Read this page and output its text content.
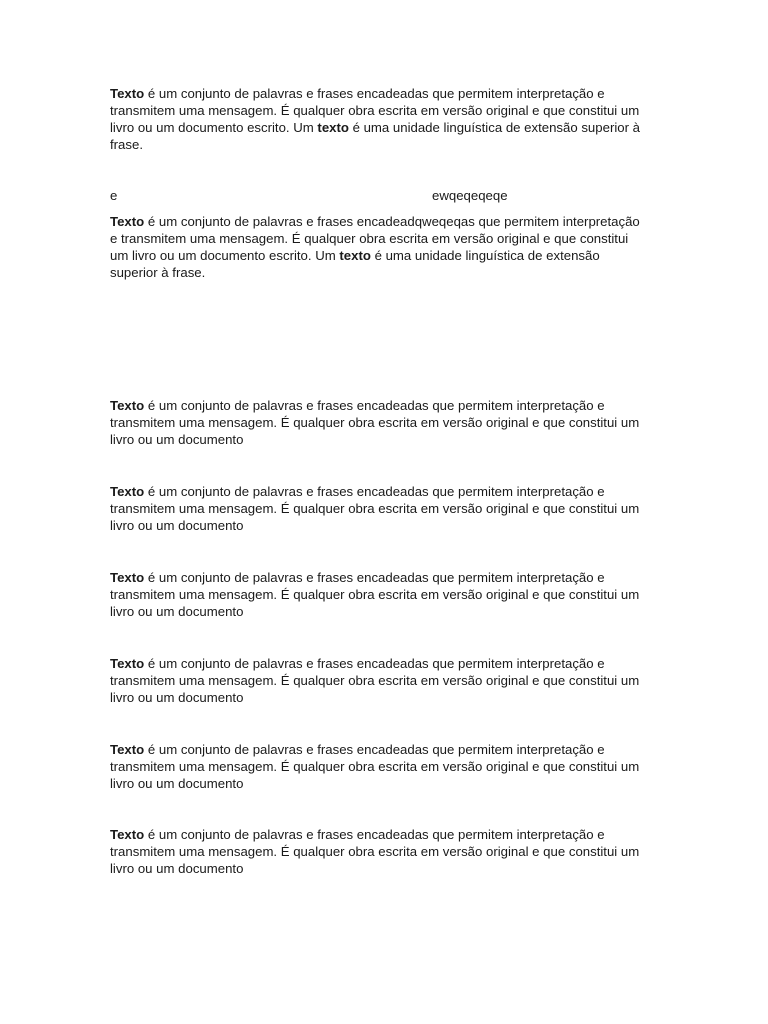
Texto é um conjunto de palavras e frases encadeadas que permitem interpretação e transmitem uma mensagem. É qualquer obra escrita em versão original e que constitui um livro ou um documento escrito. Um texto é uma unidade linguística de extensão superior à frase.

e	ewqeqeqeqe

Texto é um conjunto de palavras e frases encadeadqweqeqas que permitem interpretação e transmitem uma mensagem. É qualquer obra escrita em versão original e que constitui um livro ou um documento escrito. Um texto é uma unidade linguística de extensão superior à frase.

Texto é um conjunto de palavras e frases encadeadas que permitem interpretação e transmitem uma mensagem. É qualquer obra escrita em versão original e que constitui um livro ou um documento

Texto é um conjunto de palavras e frases encadeadas que permitem interpretação e transmitem uma mensagem. É qualquer obra escrita em versão original e que constitui um livro ou um documento

Texto é um conjunto de palavras e frases encadeadas que permitem interpretação e transmitem uma mensagem. É qualquer obra escrita em versão original e que constitui um livro ou um documento

Texto é um conjunto de palavras e frases encadeadas que permitem interpretação e transmitem uma mensagem. É qualquer obra escrita em versão original e que constitui um livro ou um documento

Texto é um conjunto de palavras e frases encadeadas que permitem interpretação e transmitem uma mensagem. É qualquer obra escrita em versão original e que constitui um livro ou um documento

Texto é um conjunto de palavras e frases encadeadas que permitem interpretação e transmitem uma mensagem. É qualquer obra escrita em versão original e que constitui um livro ou um documento
